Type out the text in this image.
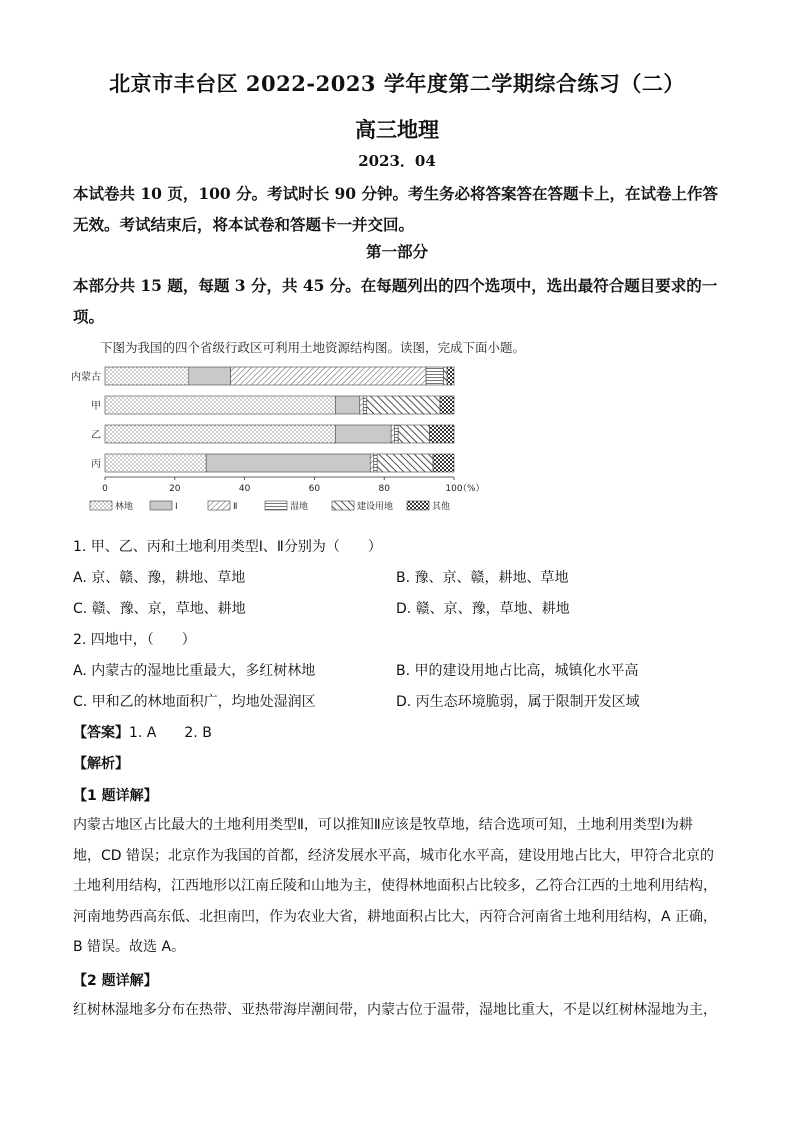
北京市丰台区 2022-2023 学年度第二学期综合练习（二）
高三地理
2023．04
本试卷共 10 页，100 分。考试时长 90 分钟。考生务必将答案答在答题卡上，在试卷上作答
无效。考试结束后，将本试卷和答题卡一并交回。
第一部分
本部分共 15 题，每题 3 分，共 45 分。在每题列出的四个选项中，选出最符合题目要求的一
项。
下图为我国的四个省级行政区可利用土地资源结构图。读图，完成下面小题。
内蒙古
甲
乙
丙
0	20	40	60	80	100
（%）
林地	Ⅰ	Ⅱ	湿地	建设用地	其他
1. 甲、乙、丙和土地利用类型Ⅰ、Ⅱ分别为（　　）
A. 京、赣、豫，耕地、草地	B. 豫、京、赣，耕地、草地
C. 赣、豫、京，草地、耕地	D. 赣、京、豫，草地、耕地
2. 四地中，（　　）
A. 内蒙古的湿地比重最大，多红树林地	B. 甲的建设用地占比高，城镇化水平高
C. 甲和乙的林地面积广，均地处湿润区	D. 丙生态环境脆弱，属于限制开发区域
【答案】1. A　　2. B
【解析】
【1 题详解】
内蒙古地区占比最大的土地利用类型Ⅱ，可以推知Ⅱ应该是牧草地，结合选项可知，土地利用类型Ⅰ为耕
地，CD 错误；北京作为我国的首都，经济发展水平高，城市化水平高，建设用地占比大，甲符合北京的
土地利用结构，江西地形以江南丘陵和山地为主，使得林地面积占比较多，乙符合江西的土地利用结构，
河南地势西高东低、北担南凹，作为农业大省，耕地面积占比大，丙符合河南省土地利用结构，A 正确，
B 错误。故选 A。
【2 题详解】
红树林湿地多分布在热带、亚热带海岸潮间带，内蒙古位于温带，湿地比重大，不是以红树林湿地为主，
